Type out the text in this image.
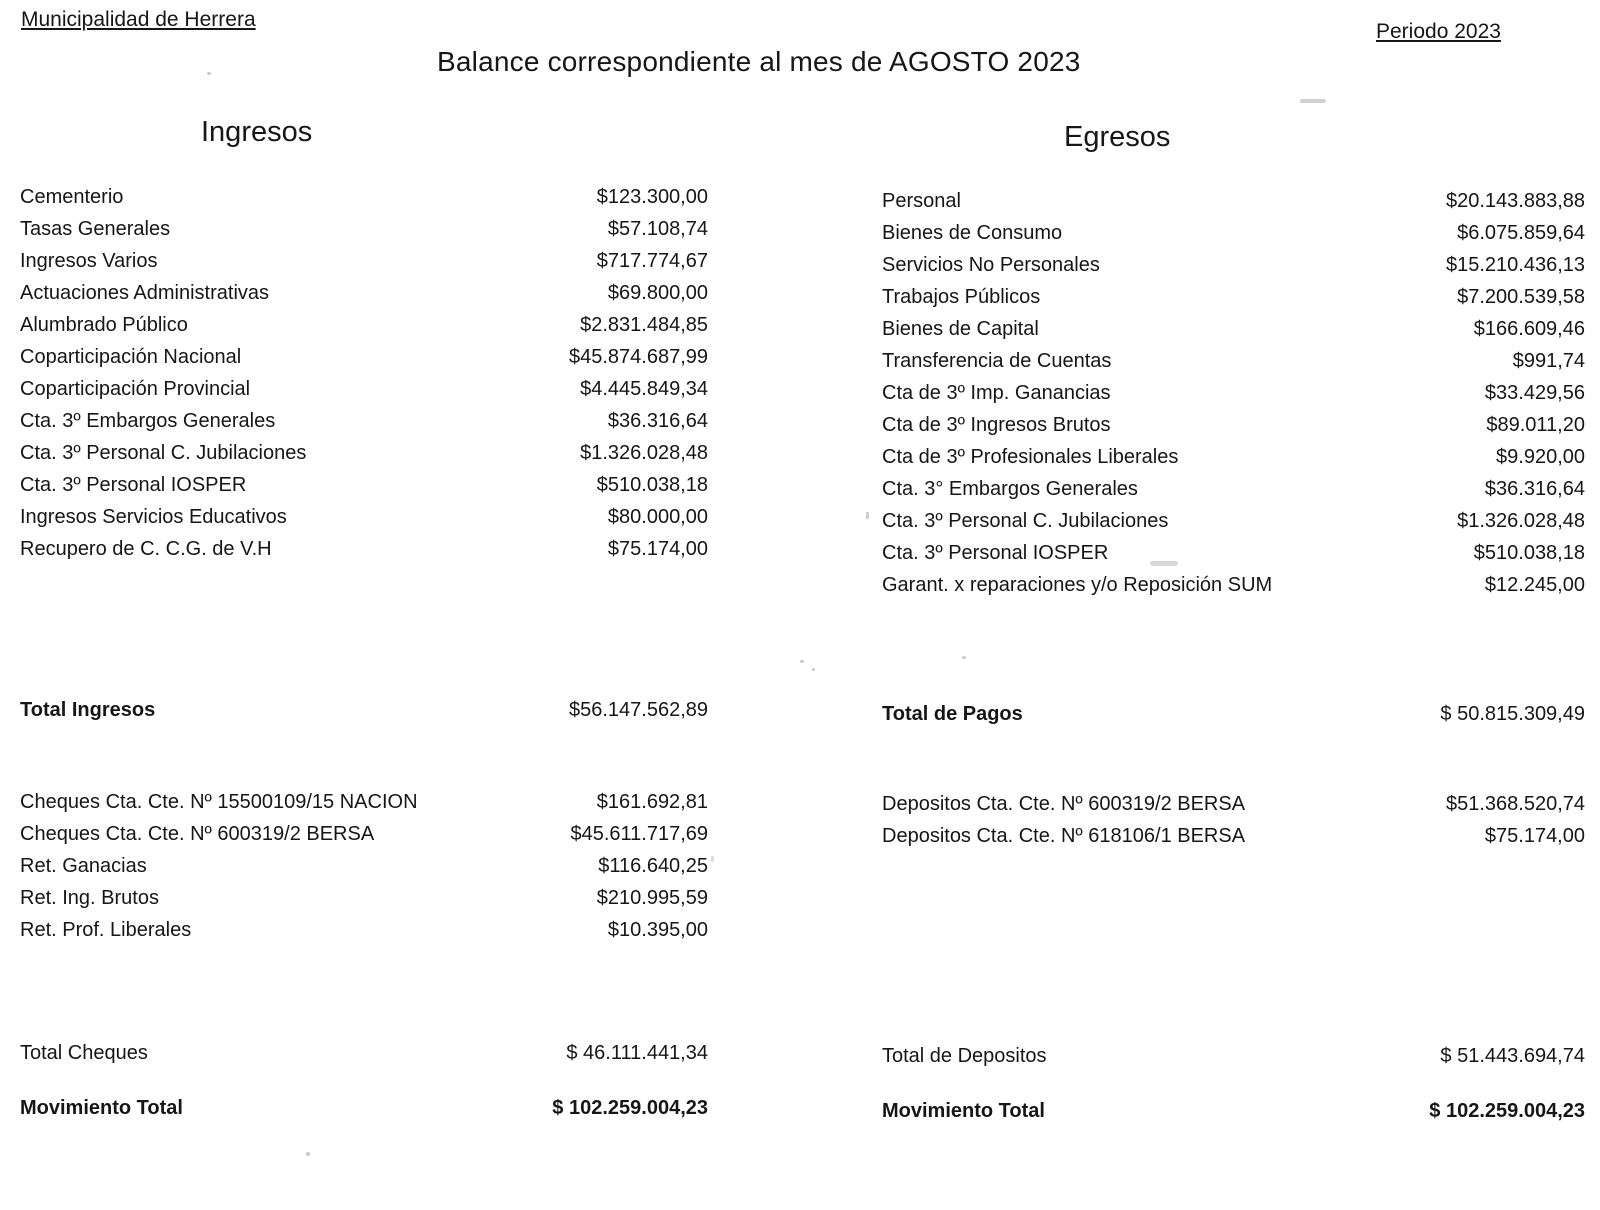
Municipalidad de Herrera
Periodo 2023
Balance correspondiente al mes de AGOSTO 2023
Ingresos	Egresos
Cementerio	$123.300,00
Tasas Generales	$57.108,74
Ingresos Varios	$717.774,67
Actuaciones Administrativas	$69.800,00
Alumbrado Público	$2.831.484,85
Coparticipación Nacional	$45.874.687,99
Coparticipación Provincial	$4.445.849,34
Cta. 3º Embargos Generales	$36.316,64
Cta. 3º Personal C. Jubilaciones	$1.326.028,48
Cta. 3º Personal IOSPER	$510.038,18
Ingresos Servicios Educativos	$80.000,00
Recupero de C. C.G. de V.H	$75.174,00
Personal	$20.143.883,88
Bienes de Consumo	$6.075.859,64
Servicios No Personales	$15.210.436,13
Trabajos Públicos	$7.200.539,58
Bienes de Capital	$166.609,46
Transferencia de Cuentas	$991,74
Cta de 3º Imp. Ganancias	$33.429,56
Cta de 3º Ingresos Brutos	$89.011,20
Cta de 3º Profesionales Liberales	$9.920,00
Cta. 3° Embargos Generales	$36.316,64
Cta. 3º Personal C. Jubilaciones	$1.326.028,48
Cta. 3º Personal IOSPER	$510.038,18
Garant. x reparaciones y/o Reposición SUM	$12.245,00
Total Ingresos	$56.147.562,89	Total de Pagos	$ 50.815.309,49
Cheques Cta. Cte. Nº 15500109/15 NACION	$161.692,81
Cheques Cta. Cte. Nº 600319/2 BERSA	$45.611.717,69
Ret. Ganacias	$116.640,25
Ret. Ing. Brutos	$210.995,59
Ret. Prof. Liberales	$10.395,00
Depositos Cta. Cte. Nº 600319/2 BERSA	$51.368.520,74
Depositos Cta. Cte. Nº 618106/1 BERSA	$75.174,00
Total Cheques	$ 46.111.441,34	Total de Depositos	$ 51.443.694,74
Movimiento Total	$ 102.259.004,23	Movimiento Total	$ 102.259.004,23
